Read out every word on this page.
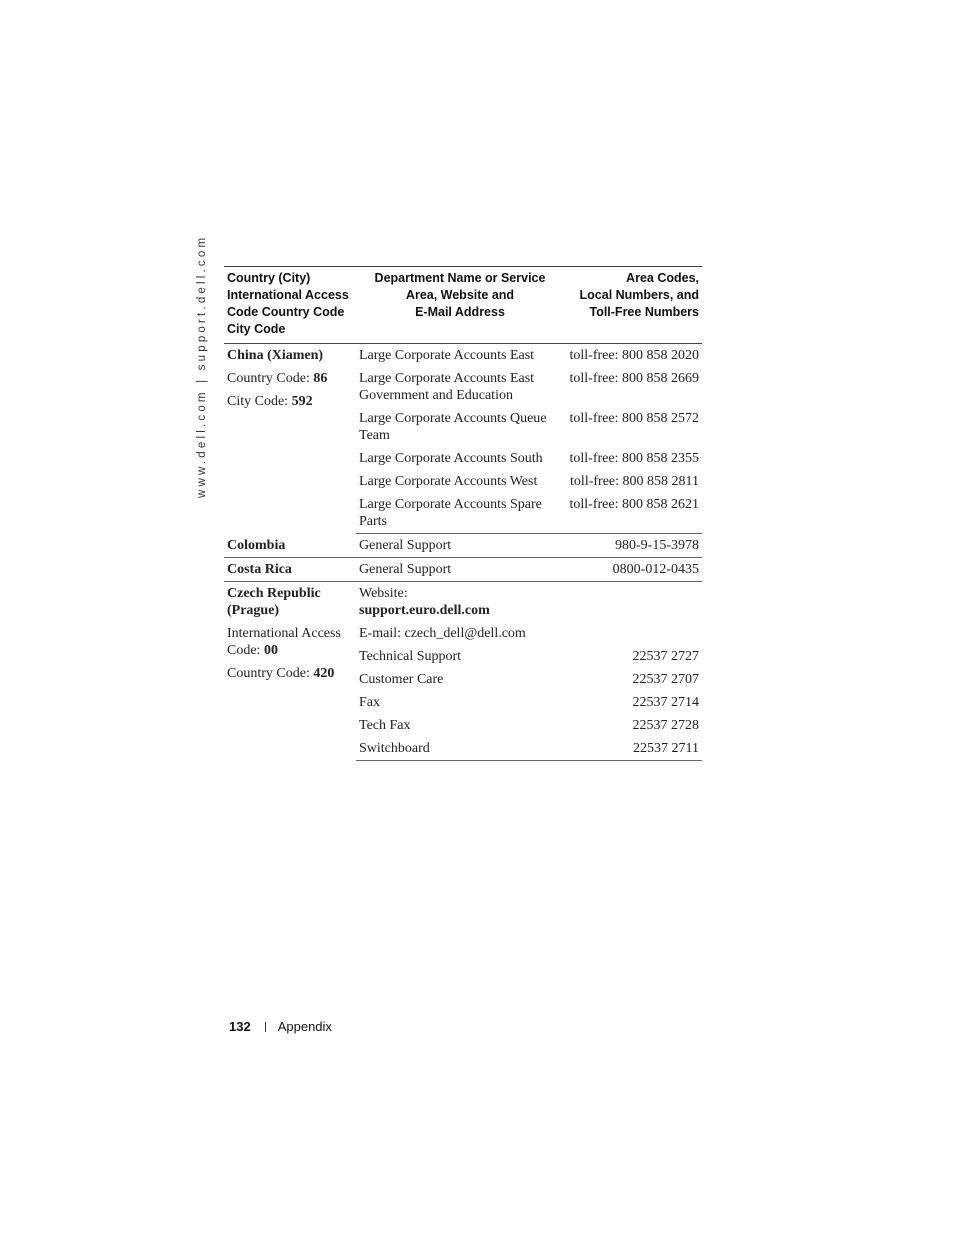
www.dell.com | support.dell.com Country (City)
International Access
Code Country Code
City Code	Department Name or Service
Area, Website and
E-Mail Address	Area Codes,
Local Numbers, and
Toll-Free Numbers

China (Xiamen)
Country Code: 86
City Code: 592	Large Corporate Accounts East	toll-free: 800 858 2020
	Large Corporate Accounts East Government and Education	toll-free: 800 858 2669
	Large Corporate Accounts Queue Team	toll-free: 800 858 2572
	Large Corporate Accounts South	toll-free: 800 858 2355
	Large Corporate Accounts West	toll-free: 800 858 2811
	Large Corporate Accounts Spare Parts	toll-free: 800 858 2621

Colombia	General Support	980-9-15-3978

Costa Rica	General Support	0800-012-0435

Czech Republic (Prague)
International Access Code: 00
Country Code: 420	Website:
support.euro.dell.com	
	E-mail: czech_dell@dell.com	
	Technical Support	22537 2727
	Customer Care	22537 2707
	Fax	22537 2714
	Tech Fax	22537 2728
	Switchboard	22537 2711
132 Appendix
